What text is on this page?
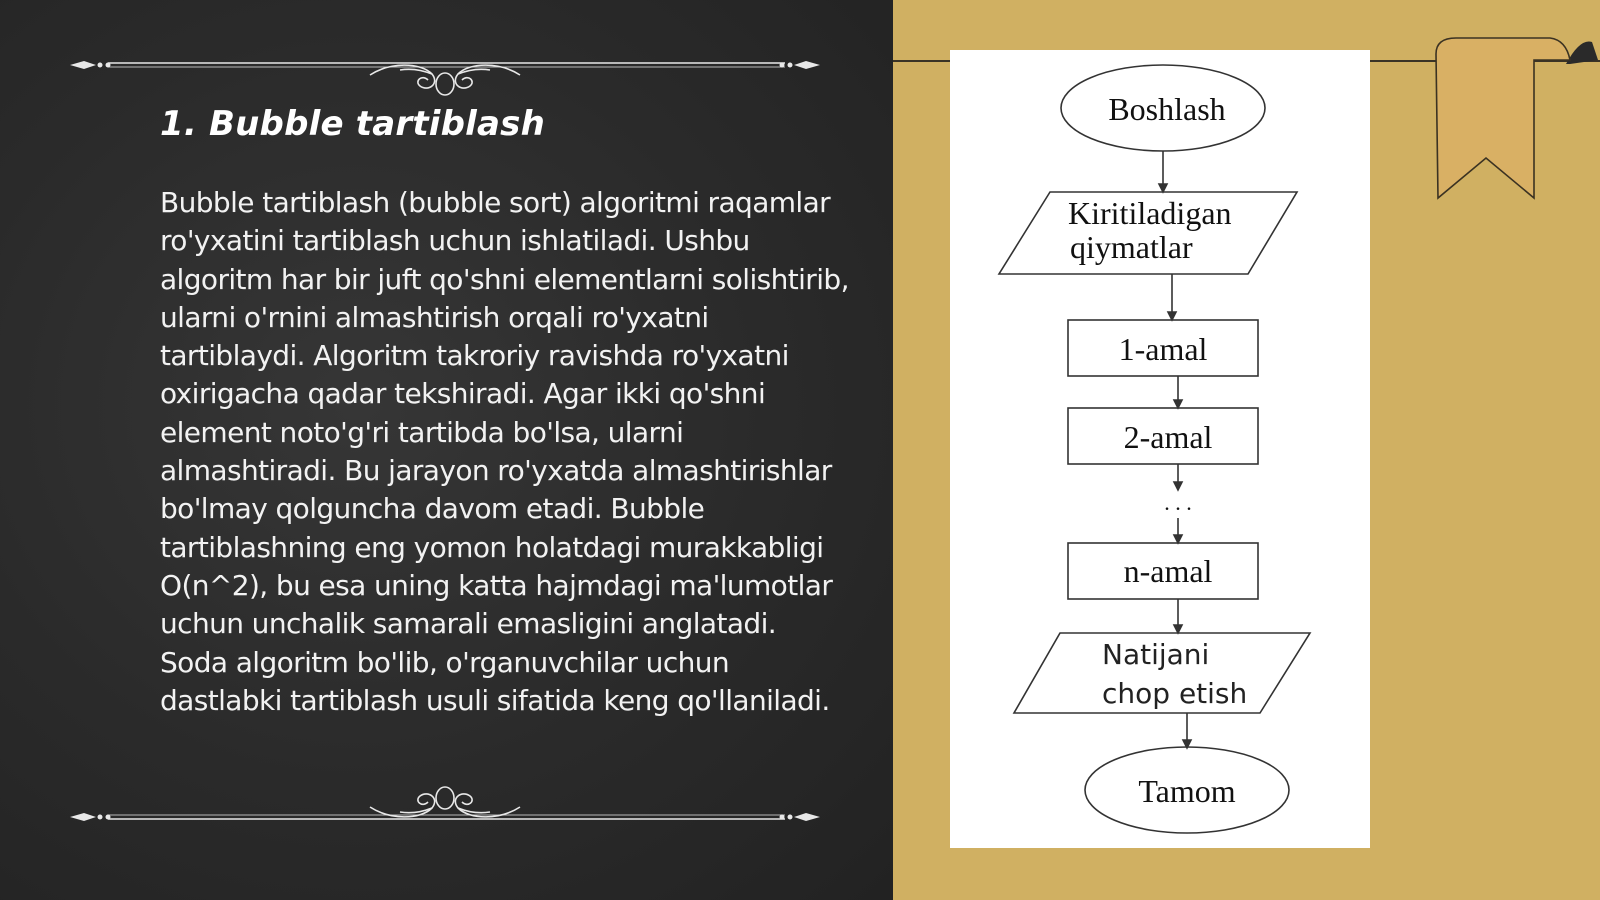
1. Bubble tartiblash

Bubble tartiblash (bubble sort) algoritmi raqamlar ro'yxatini tartiblash uchun ishlatiladi. Ushbu algoritm har bir juft qo'shni elementlarni solishtirib, ularni o'rnini almashtirish orqali ro'yxatni tartiblaydi. Algoritm takroriy ravishda ro'yxatni oxirigacha qadar tekshiradi. Agar ikki qo'shni element noto'g'ri tartibda bo'lsa, ularni almashtiradi. Bu jarayon ro'yxatda almashtirishlar bo'lmay qolguncha davom etadi. Bubble tartiblashning eng yomon holatdagi murakkabligi O(n^2), bu esa uning katta hajmdagi ma'lumotlar uchun unchalik samarali emasligini anglatadi. Soda algoritm bo'lib, o'rganuvchilar uchun dastlabki tartiblash usuli sifatida keng qo'llaniladi.

Boshlash
Kiritiladigan
qiymatlar
1-amal
2-amal
. . .
n-amal
Natijani
chop etish
Tamom
